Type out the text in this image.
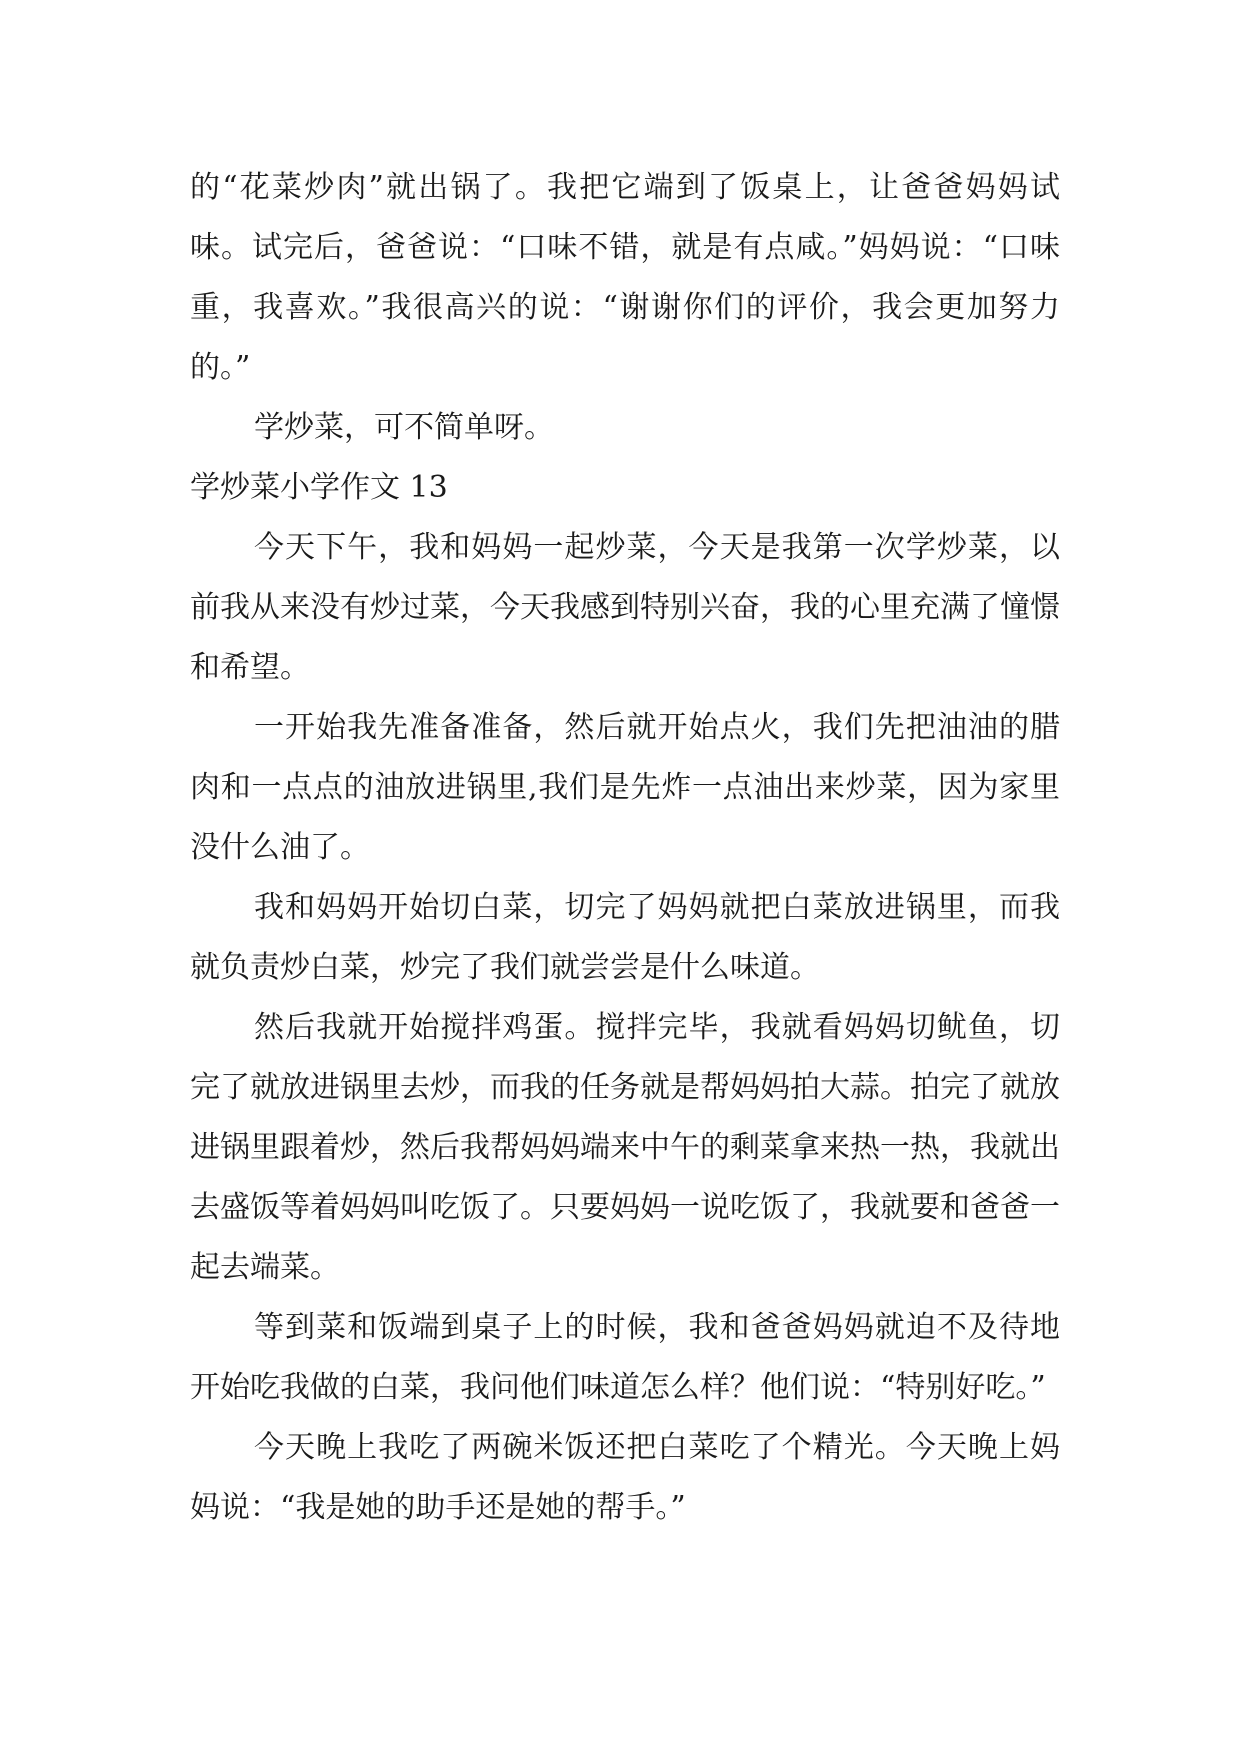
的“花菜炒肉”就出锅了。我把它端到了饭桌上，让爸爸妈妈试味。试完后，爸爸说：“口味不错，就是有点咸。”妈妈说：“口味重，我喜欢。”我很高兴的说：“谢谢你们的评价，我会更加努力的。”

学炒菜，可不简单呀。

学炒菜小学作文 13

今天下午，我和妈妈一起炒菜，今天是我第一次学炒菜，以前我从来没有炒过菜，今天我感到特别兴奋，我的心里充满了憧憬和希望。

一开始我先准备准备，然后就开始点火，我们先把油油的腊肉和一点点的油放进锅里,我们是先炸一点油出来炒菜，因为家里没什么油了。

我和妈妈开始切白菜，切完了妈妈就把白菜放进锅里，而我就负责炒白菜，炒完了我们就尝尝是什么味道。

然后我就开始搅拌鸡蛋。搅拌完毕，我就看妈妈切鱿鱼，切完了就放进锅里去炒，而我的任务就是帮妈妈拍大蒜。拍完了就放进锅里跟着炒，然后我帮妈妈端来中午的剩菜拿来热一热，我就出去盛饭等着妈妈叫吃饭了。只要妈妈一说吃饭了，我就要和爸爸一起去端菜。

等到菜和饭端到桌子上的时候，我和爸爸妈妈就迫不及待地开始吃我做的白菜，我问他们味道怎么样？他们说：“特别好吃。”

今天晚上我吃了两碗米饭还把白菜吃了个精光。今天晚上妈妈说：“我是她的助手还是她的帮手。”
